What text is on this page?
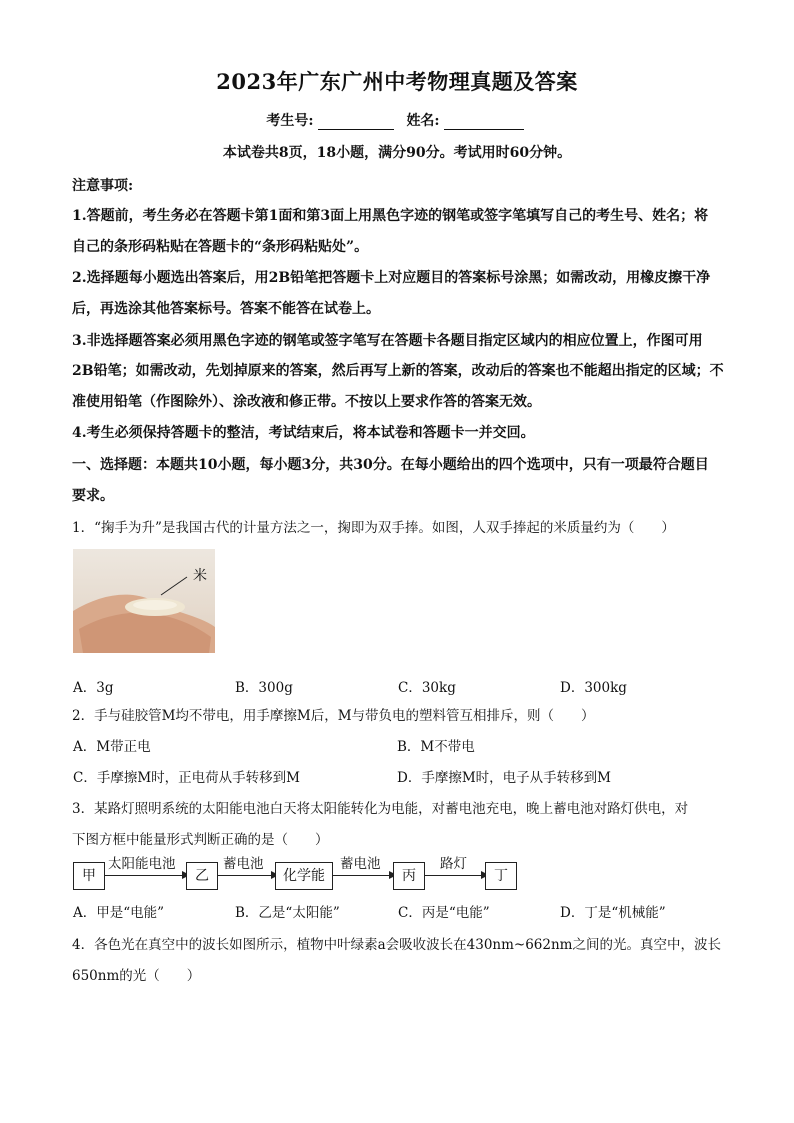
2023年广东广州中考物理真题及答案
考生号:	姓名:
本试卷共8页，18小题，满分90分。考试用时60分钟。
注意事项:
1.答题前，考生务必在答题卡第1面和第3面上用黑色字迹的钢笔或签字笔填写自己的考生号、姓名；将
自己的条形码粘贴在答题卡的“条形码粘贴处”。
2.选择题每小题选出答案后，用2B铅笔把答题卡上对应题目的答案标号涂黑；如需改动，用橡皮擦干净
后，再选涂其他答案标号。答案不能答在试卷上。
3.非选择题答案必须用黑色字迹的钢笔或签字笔写在答题卡各题目指定区域内的相应位置上，作图可用
2B铅笔；如需改动，先划掉原来的答案，然后再写上新的答案，改动后的答案也不能超出指定的区域；不
准使用铅笔（作图除外）、涂改液和修正带。不按以上要求作答的答案无效。
4.考生必须保持答题卡的整洁，考试结束后，将本试卷和答题卡一并交回。
一、选择题：本题共10小题，每小题3分，共30分。在每小题给出的四个选项中，只有一项最符合题目
要求。
1．“掬手为升”是我国古代的计量方法之一，掬即为双手捧。如图，人双手捧起的米质量约为（　　）
米
A．3g	B．300g	C．30kg	D．300kg
2．手与硅胶管M均不带电，用手摩擦M后，M与带负电的塑料管互相排斥，则（　　）
A．M带正电	B．M不带电
C．手摩擦M时，正电荷从手转移到M	D．手摩擦M时，电子从手转移到M
3．某路灯照明系统的太阳能电池白天将太阳能转化为电能，对蓄电池充电，晚上蓄电池对路灯供电，对
下图方框中能量形式判断正确的是（　　）
甲
太阳能电池
乙
蓄电池
化学能
蓄电池
丙
路灯
丁
A．甲是“电能”	B．乙是“太阳能”	C．丙是“电能”	D．丁是“机械能”
4．各色光在真空中的波长如图所示，植物中叶绿素a会吸收波长在430nm~662nm之间的光。真空中，波长
650nm的光（　　）
